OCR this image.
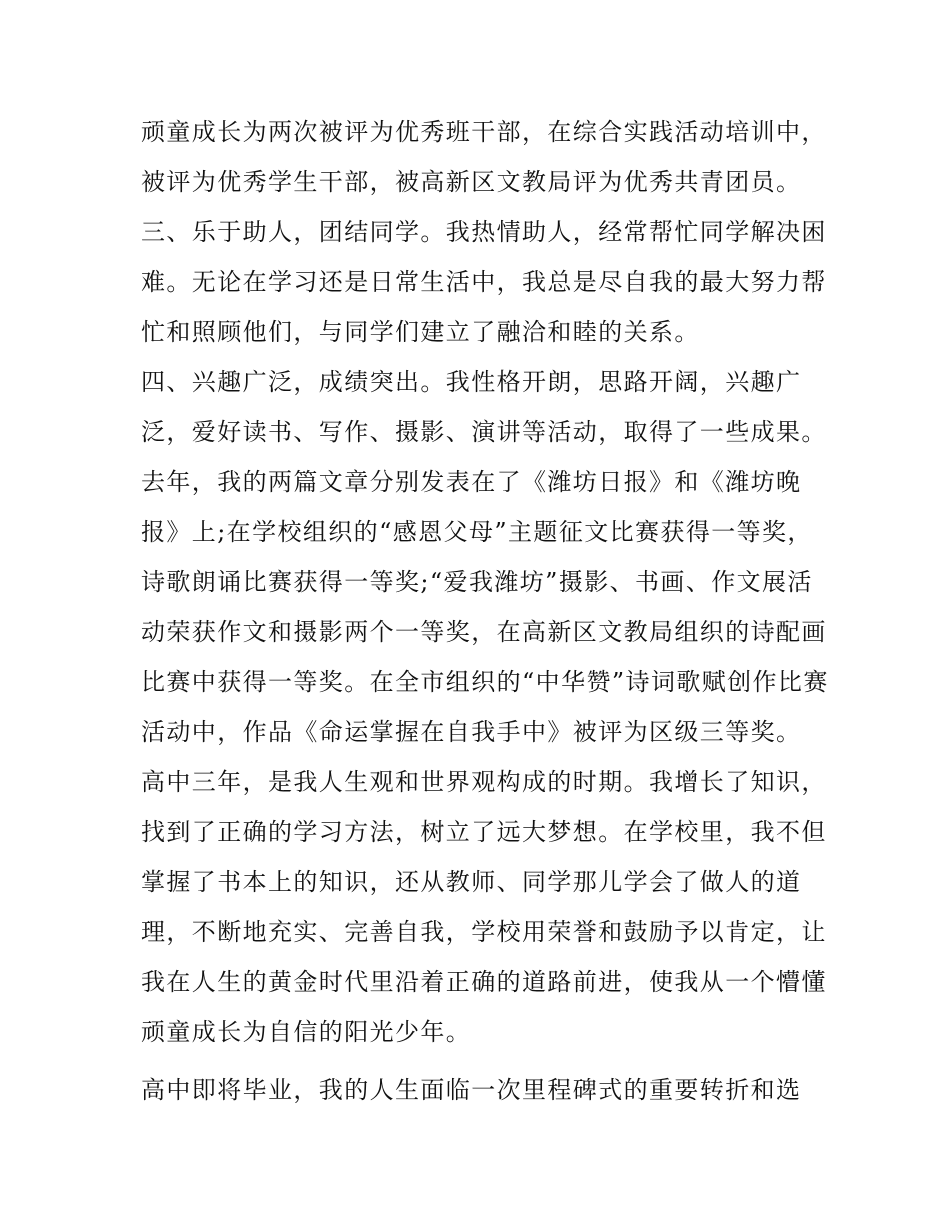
顽童成长为两次被评为优秀班干部，在综合实践活动培训中，
被评为优秀学生干部，被高新区文教局评为优秀共青团员。
三、乐于助人，团结同学。我热情助人，经常帮忙同学解决困
难。无论在学习还是日常生活中，我总是尽自我的最大努力帮
忙和照顾他们，与同学们建立了融洽和睦的关系。
四、兴趣广泛，成绩突出。我性格开朗，思路开阔，兴趣广
泛，爱好读书、写作、摄影、演讲等活动，取得了一些成果。
去年，我的两篇文章分别发表在了《潍坊日报》和《潍坊晚
报》上;在学校组织的“感恩父母”主题征文比赛获得一等奖，
诗歌朗诵比赛获得一等奖;“爱我潍坊”摄影、书画、作文展活
动荣获作文和摄影两个一等奖，在高新区文教局组织的诗配画
比赛中获得一等奖。在全市组织的“中华赞”诗词歌赋创作比赛
活动中，作品《命运掌握在自我手中》被评为区级三等奖。
高中三年，是我人生观和世界观构成的时期。我增长了知识，
找到了正确的学习方法，树立了远大梦想。在学校里，我不但
掌握了书本上的知识，还从教师、同学那儿学会了做人的道
理，不断地充实、完善自我，学校用荣誉和鼓励予以肯定，让
我在人生的黄金时代里沿着正确的道路前进，使我从一个懵懂
顽童成长为自信的阳光少年。
高中即将毕业，我的人生面临一次里程碑式的重要转折和选
